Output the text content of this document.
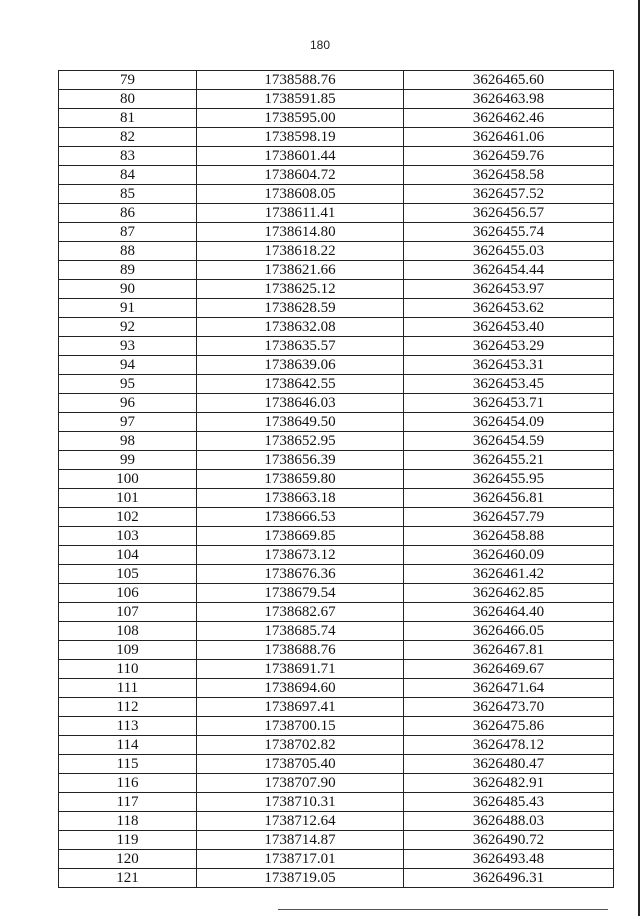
180
79	1738588.76	3626465.60
80	1738591.85	3626463.98
81	1738595.00	3626462.46
82	1738598.19	3626461.06
83	1738601.44	3626459.76
84	1738604.72	3626458.58
85	1738608.05	3626457.52
86	1738611.41	3626456.57
87	1738614.80	3626455.74
88	1738618.22	3626455.03
89	1738621.66	3626454.44
90	1738625.12	3626453.97
91	1738628.59	3626453.62
92	1738632.08	3626453.40
93	1738635.57	3626453.29
94	1738639.06	3626453.31
95	1738642.55	3626453.45
96	1738646.03	3626453.71
97	1738649.50	3626454.09
98	1738652.95	3626454.59
99	1738656.39	3626455.21
100	1738659.80	3626455.95
101	1738663.18	3626456.81
102	1738666.53	3626457.79
103	1738669.85	3626458.88
104	1738673.12	3626460.09
105	1738676.36	3626461.42
106	1738679.54	3626462.85
107	1738682.67	3626464.40
108	1738685.74	3626466.05
109	1738688.76	3626467.81
110	1738691.71	3626469.67
111	1738694.60	3626471.64
112	1738697.41	3626473.70
113	1738700.15	3626475.86
114	1738702.82	3626478.12
115	1738705.40	3626480.47
116	1738707.90	3626482.91
117	1738710.31	3626485.43
118	1738712.64	3626488.03
119	1738714.87	3626490.72
120	1738717.01	3626493.48
121	1738719.05	3626496.31
